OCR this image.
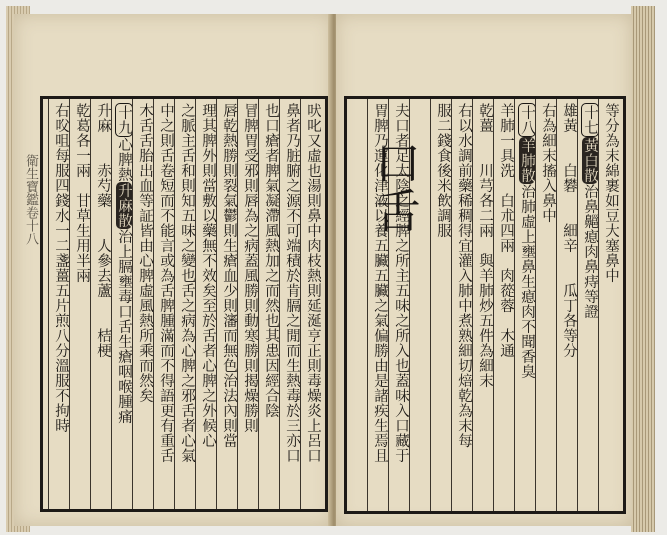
衛生寶鑑卷十八	吠叱又虛也湯則鼻中肉枝熱則延涎亨正則毒燥炎上呂口
鼻者乃脏腑之源不可端積於肯膈之閒而生熱毒於三亦口
也口瘡者脾氣凝滯風熱加之而然也其患因經合陰
冒脾胃受邪則唇為之病蓋風勝則動寒勝則揭燥勝則
唇乾熱勝則裂氣鬱則生瘡血少則瀋而無色治法內則當
理其脾外則當敷以藥無不效矣至於舌者心脾之外候心
之脈主舌和則知五味之變也舌之病為心脾之邪舌者心氣
中之則舌卷短而不能言或為舌脾腫滿而不得語更有重舌
木舌舌胎出血等証皆由心脾虛風熱所乘而然矣
十九心脾熱升麻散治上膈壅毒口舌生瘡咽喉腫痛
升麻　　赤芍藥　　人參去蘆　　桔梗
乾葛各一兩　甘草生用半兩
右㕮咀每服四錢水一二盞薑五片煎八分溫服不拘時	等分為末綿裹如豆大塞鼻中
十七黃白散治鼻齆瘜肉鼻痔等證
雄黃　　白礬　　細辛　　瓜丁各等分
右為細末搐入鼻中
十八羊肺散治肺虛上壅鼻生瘜肉不聞香臭
羊肺一具洗　白朮四兩　肉蓯蓉　木通
乾薑　　川芎各二兩　與羊肺炒五件為細末
右以水調前藥稀稠得宜灌入肺中煮熟細切焙乾為末每
服二錢食後米飲調服
夫口者足太陰之經脾之所主五味之所入也蓋味入口藏于
胃脾乃運化津液以養五臟五臟之氣偏勝由是諸疾生焉且
口舌
